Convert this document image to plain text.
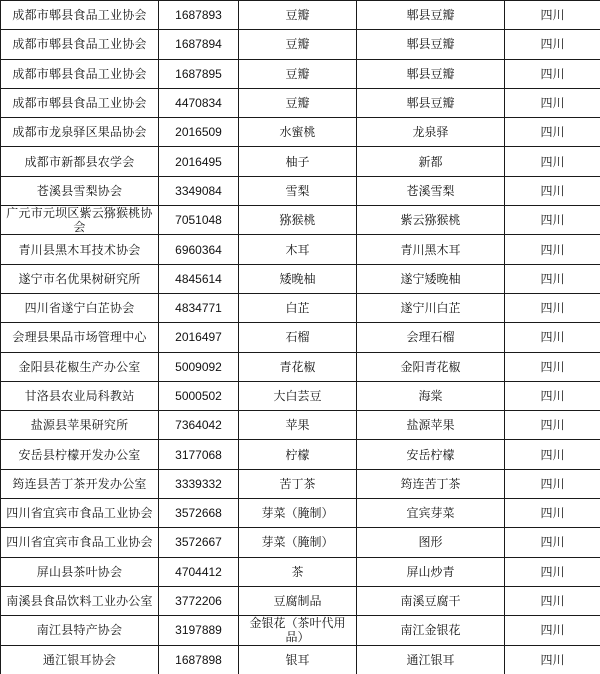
成都市郫县食品工业协会	1687893	豆瓣	郫县豆瓣	四川
成都市郫县食品工业协会	1687894	豆瓣	郫县豆瓣	四川
成都市郫县食品工业协会	1687895	豆瓣	郫县豆瓣	四川
成都市郫县食品工业协会	4470834	豆瓣	郫县豆瓣	四川
成都市龙泉驿区果品协会	2016509	水蜜桃	龙泉驿	四川
成都市新都县农学会	2016495	柚子	新都	四川
苍溪县雪梨协会	3349084	雪梨	苍溪雪梨	四川
广元市元坝区紫云猕猴桃协会	7051048	猕猴桃	紫云猕猴桃	四川
青川县黑木耳技术协会	6960364	木耳	青川黑木耳	四川
遂宁市名优果树研究所	4845614	矮晚柚	遂宁矮晚柚	四川
四川省遂宁白芷协会	4834771	白芷	遂宁川白芷	四川
会理县果品市场管理中心	2016497	石榴	会理石榴	四川
金阳县花椒生产办公室	5009092	青花椒	金阳青花椒	四川
甘洛县农业局科教站	5000502	大白芸豆	海棠	四川
盐源县苹果研究所	7364042	苹果	盐源苹果	四川
安岳县柠檬开发办公室	3177068	柠檬	安岳柠檬	四川
筠连县苦丁茶开发办公室	3339332	苦丁茶	筠连苦丁茶	四川
四川省宜宾市食品工业协会	3572668	芽菜（腌制）	宜宾芽菜	四川
四川省宜宾市食品工业协会	3572667	芽菜（腌制）	图形	四川
屏山县茶叶协会	4704412	茶	屏山炒青	四川
南溪县食品饮料工业办公室	3772206	豆腐制品	南溪豆腐干	四川
南江县特产协会	3197889	金银花（茶叶代用品）	南江金银花	四川
通江银耳协会	1687898	银耳	通江银耳	四川
